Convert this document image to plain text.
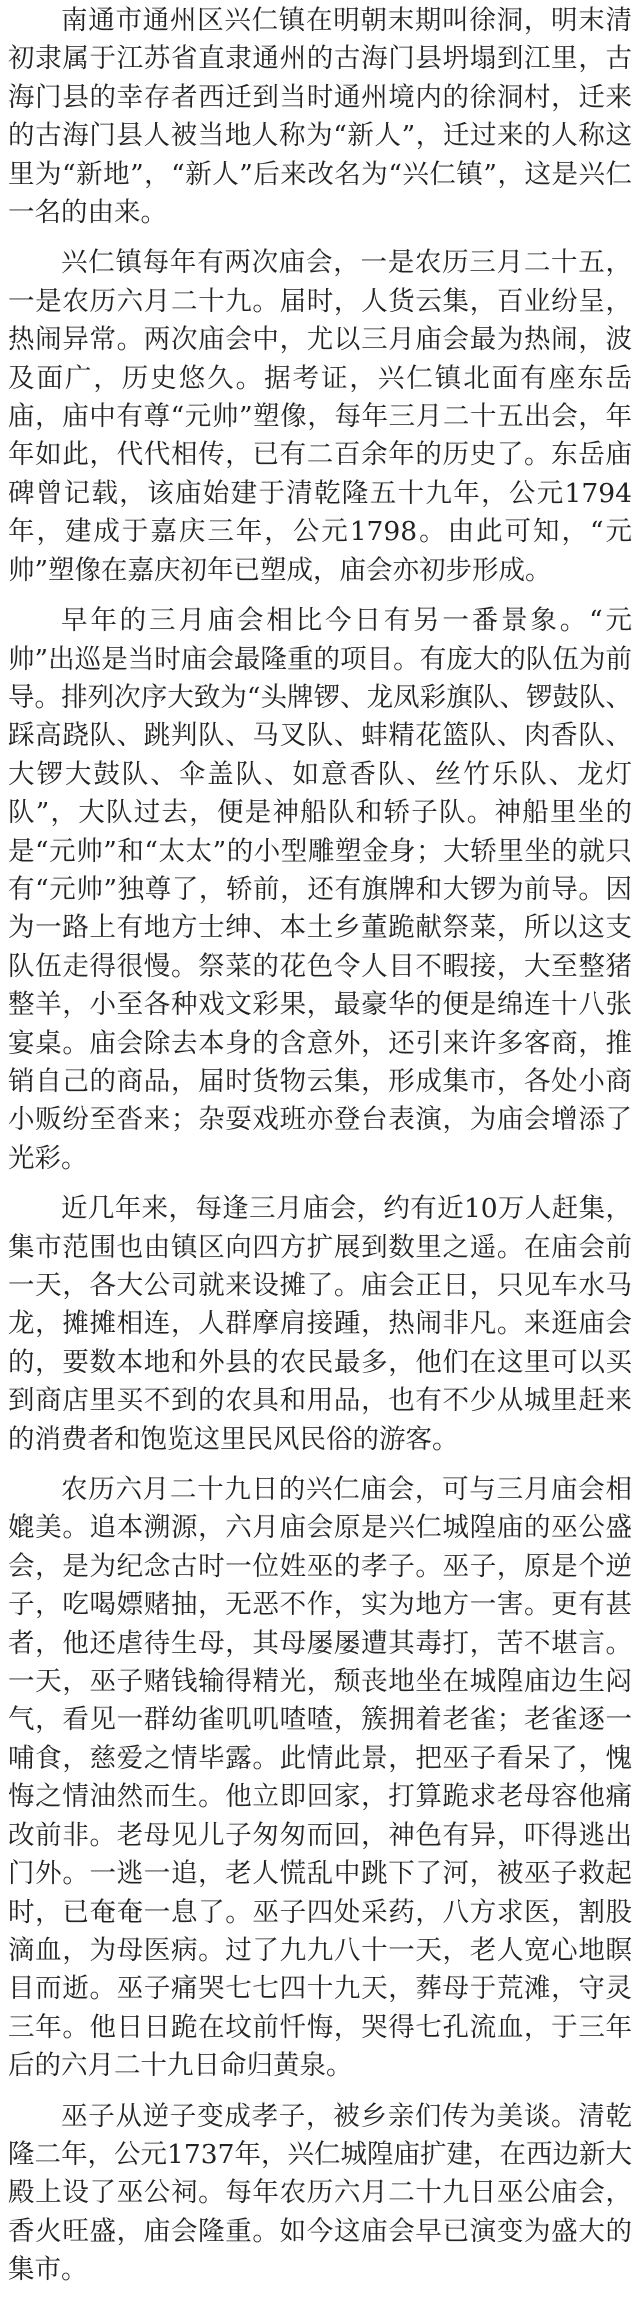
南通市通州区兴仁镇在明朝末期叫徐洞，明末清初隶属于江苏省直隶通州的古海门县坍塌到江里，古海门县的幸存者西迁到当时通州境内的徐洞村，迁来的古海门县人被当地人称为“新人”，迁过来的人称这里为“新地”，“新人”后来改名为“兴仁镇”，这是兴仁一名的由来。

兴仁镇每年有两次庙会，一是农历三月二十五，一是农历六月二十九。届时，人货云集，百业纷呈，热闹异常。两次庙会中，尤以三月庙会最为热闹，波及面广，历史悠久。据考证，兴仁镇北面有座东岳庙，庙中有尊“元帅”塑像，每年三月二十五出会，年年如此，代代相传，已有二百余年的历史了。东岳庙碑曾记载，该庙始建于清乾隆五十九年，公元1794年，建成于嘉庆三年，公元1798。由此可知，“元帅”塑像在嘉庆初年已塑成，庙会亦初步形成。

早年的三月庙会相比今日有另一番景象。“元帅”出巡是当时庙会最隆重的项目。有庞大的队伍为前导。排列次序大致为“头牌锣、龙凤彩旗队、锣鼓队、踩高跷队、跳判队、马叉队、蚌精花篮队、肉香队、大锣大鼓队、伞盖队、如意香队、丝竹乐队、龙灯队”，大队过去，便是神船队和轿子队。神船里坐的是“元帅”和“太太”的小型雕塑金身；大轿里坐的就只有“元帅”独尊了，轿前，还有旗牌和大锣为前导。因为一路上有地方士绅、本土乡董跪献祭菜，所以这支队伍走得很慢。祭菜的花色令人目不暇接，大至整猪整羊，小至各种戏文彩果，最豪华的便是绵连十八张宴桌。庙会除去本身的含意外，还引来许多客商，推销自己的商品，届时货物云集，形成集市，各处小商小贩纷至沓来；杂耍戏班亦登台表演，为庙会增添了光彩。

近几年来，每逢三月庙会，约有近10万人赶集，集市范围也由镇区向四方扩展到数里之遥。在庙会前一天，各大公司就来设摊了。庙会正日，只见车水马龙，摊摊相连，人群摩肩接踵，热闹非凡。来逛庙会的，要数本地和外县的农民最多，他们在这里可以买到商店里买不到的农具和用品，也有不少从城里赶来的消费者和饱览这里民风民俗的游客。

农历六月二十九日的兴仁庙会，可与三月庙会相媲美。追本溯源，六月庙会原是兴仁城隍庙的巫公盛会，是为纪念古时一位姓巫的孝子。巫子，原是个逆子，吃喝嫖赌抽，无恶不作，实为地方一害。更有甚者，他还虐待生母，其母屡屡遭其毒打，苦不堪言。一天，巫子赌钱输得精光，颓丧地坐在城隍庙边生闷气，看见一群幼雀叽叽喳喳，簇拥着老雀；老雀逐一哺食，慈爱之情毕露。此情此景，把巫子看呆了，愧悔之情油然而生。他立即回家，打算跪求老母容他痛改前非。老母见儿子匆匆而回，神色有异，吓得逃出门外。一逃一追，老人慌乱中跳下了河，被巫子救起时，已奄奄一息了。巫子四处采药，八方求医，割股滴血，为母医病。过了九九八十一天，老人宽心地瞑目而逝。巫子痛哭七七四十九天，葬母于荒滩，守灵三年。他日日跪在坟前忏悔，哭得七孔流血，于三年后的六月二十九日命归黄泉。

巫子从逆子变成孝子，被乡亲们传为美谈。清乾隆二年，公元1737年，兴仁城隍庙扩建，在西边新大殿上设了巫公祠。每年农历六月二十九日巫公庙会，香火旺盛，庙会隆重。如今这庙会早已演变为盛大的集市。
